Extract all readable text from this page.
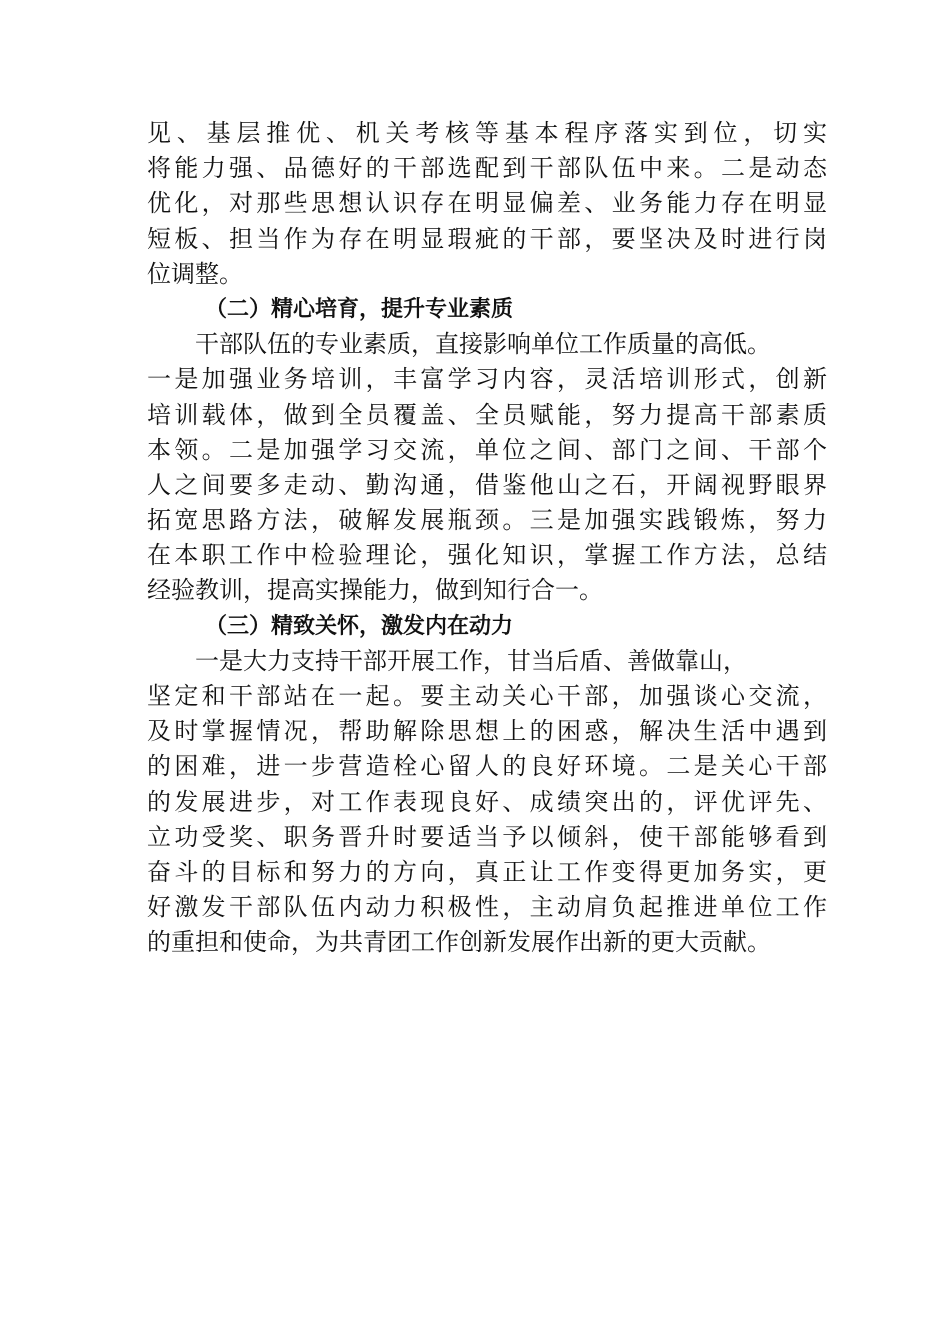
见、基层推优、机关考核等基本程序落实到位，切实
将能力强、品德好的干部选配到干部队伍中来。二是动态
优化，对那些思想认识存在明显偏差、业务能力存在明显
短板、担当作为存在明显瑕疵的干部，要坚决及时进行岗
位调整。
（二）精心培育，提升专业素质
干部队伍的专业素质，直接影响单位工作质量的高低。
一是加强业务培训，丰富学习内容，灵活培训形式，创新
培训载体，做到全员覆盖、全员赋能，努力提高干部素质
本领。二是加强学习交流，单位之间、部门之间、干部个
人之间要多走动、勤沟通，借鉴他山之石，开阔视野眼界
拓宽思路方法，破解发展瓶颈。三是加强实践锻炼，努力
在本职工作中检验理论，强化知识，掌握工作方法，总结
经验教训，提高实操能力，做到知行合一。
（三）精致关怀，激发内在动力
一是大力支持干部开展工作，甘当后盾、善做靠山，
坚定和干部站在一起。要主动关心干部，加强谈心交流，
及时掌握情况，帮助解除思想上的困惑，解决生活中遇到
的困难，进一步营造栓心留人的良好环境。二是关心干部
的发展进步，对工作表现良好、成绩突出的，评优评先、
立功受奖、职务晋升时要适当予以倾斜，使干部能够看到
奋斗的目标和努力的方向，真正让工作变得更加务实，更
好激发干部队伍内动力积极性，主动肩负起推进单位工作
的重担和使命，为共青团工作创新发展作出新的更大贡献。
